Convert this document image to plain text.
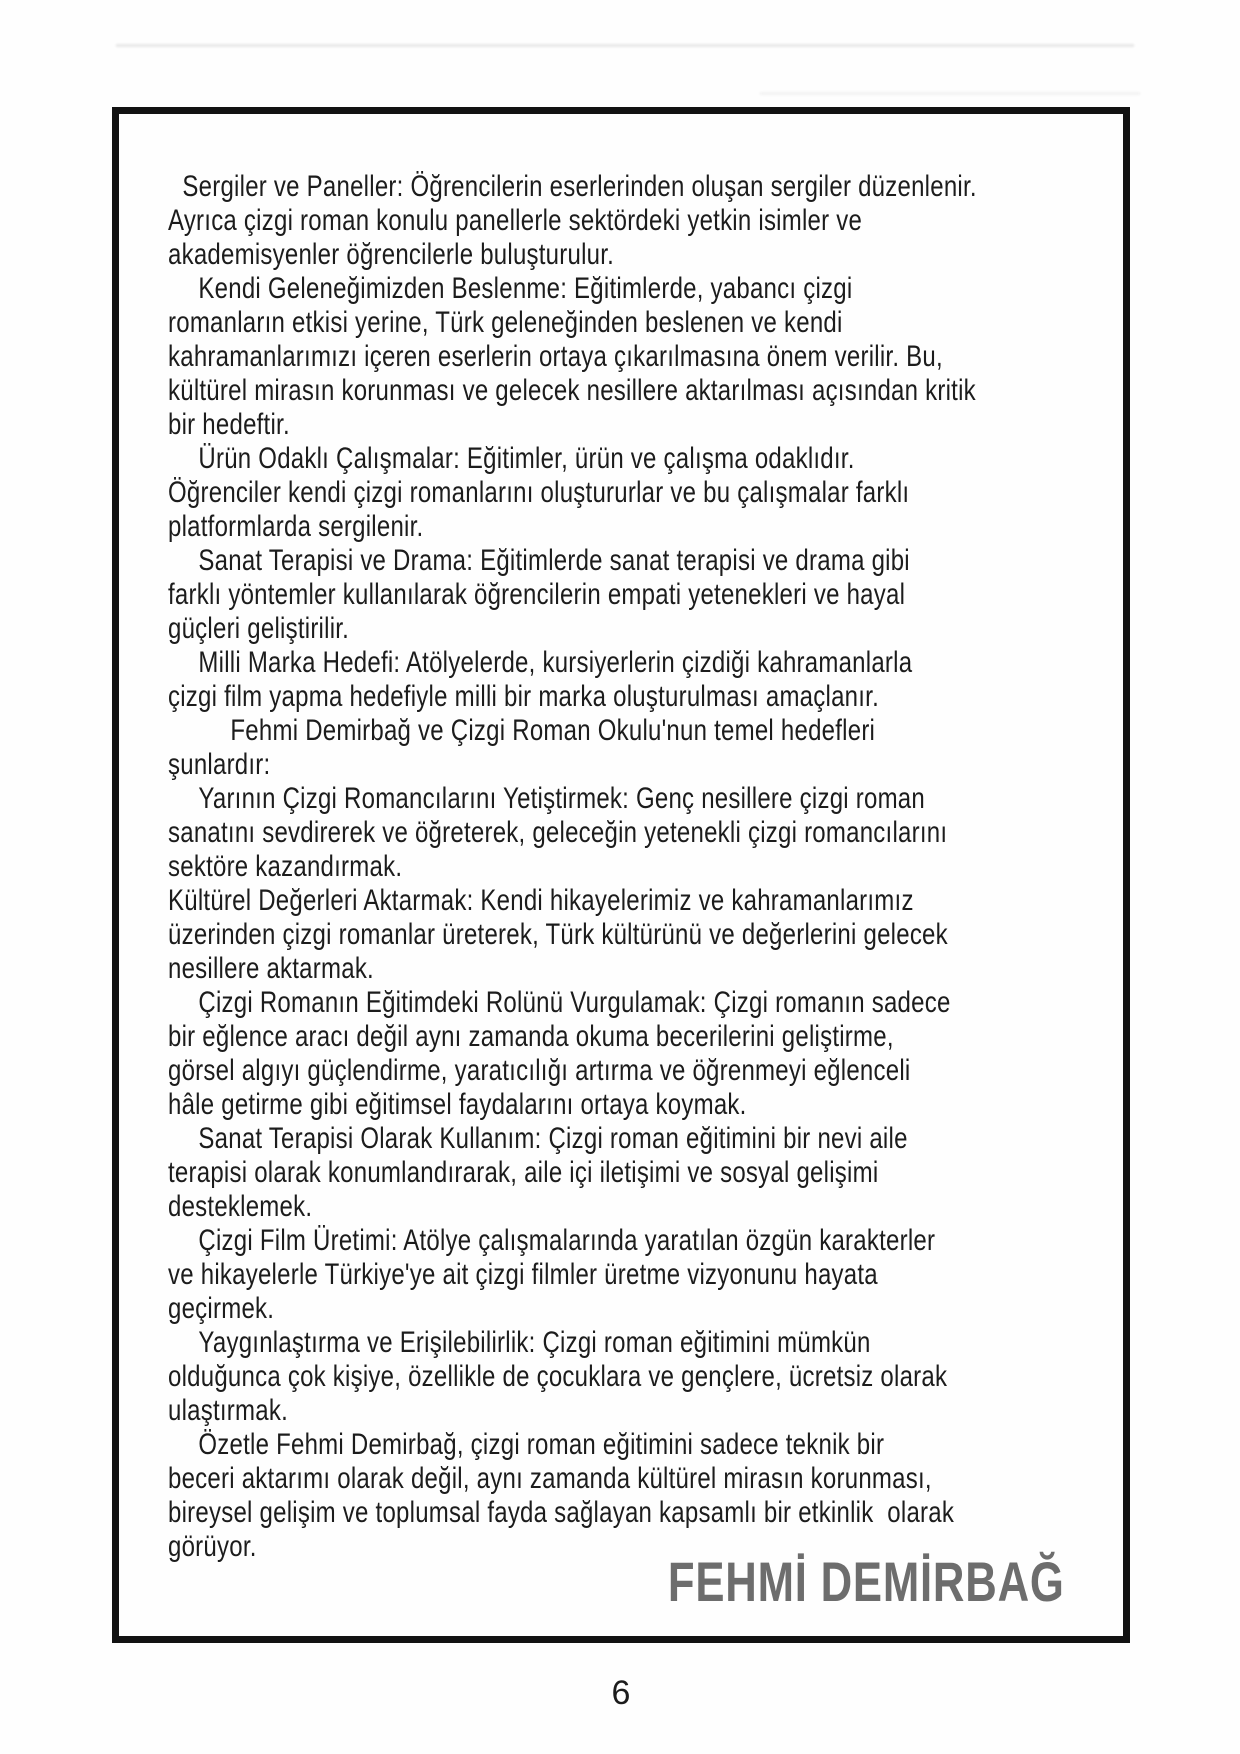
Sergiler ve Paneller: Öğrencilerin eserlerinden oluşan sergiler düzenlenir.
Ayrıca çizgi roman konulu panellerle sektördeki yetkin isimler ve
akademisyenler öğrencilerle buluşturulur.
Kendi Geleneğimizden Beslenme: Eğitimlerde, yabancı çizgi
romanların etkisi yerine, Türk geleneğinden beslenen ve kendi
kahramanlarımızı içeren eserlerin ortaya çıkarılmasına önem verilir. Bu,
kültürel mirasın korunması ve gelecek nesillere aktarılması açısından kritik
bir hedeftir.
Ürün Odaklı Çalışmalar: Eğitimler, ürün ve çalışma odaklıdır.
Öğrenciler kendi çizgi romanlarını oluştururlar ve bu çalışmalar farklı
platformlarda sergilenir.
Sanat Terapisi ve Drama: Eğitimlerde sanat terapisi ve drama gibi
farklı yöntemler kullanılarak öğrencilerin empati yetenekleri ve hayal
güçleri geliştirilir.
Milli Marka Hedefi: Atölyelerde, kursiyerlerin çizdiği kahramanlarla
çizgi film yapma hedefiyle milli bir marka oluşturulması amaçlanır.
Fehmi Demirbağ ve Çizgi Roman Okulu'nun temel hedefleri
şunlardır:
Yarının Çizgi Romancılarını Yetiştirmek: Genç nesillere çizgi roman
sanatını sevdirerek ve öğreterek, geleceğin yetenekli çizgi romancılarını
sektöre kazandırmak.
Kültürel Değerleri Aktarmak: Kendi hikayelerimiz ve kahramanlarımız
üzerinden çizgi romanlar üreterek, Türk kültürünü ve değerlerini gelecek
nesillere aktarmak.
Çizgi Romanın Eğitimdeki Rolünü Vurgulamak: Çizgi romanın sadece
bir eğlence aracı değil aynı zamanda okuma becerilerini geliştirme,
görsel algıyı güçlendirme, yaratıcılığı artırma ve öğrenmeyi eğlenceli
hâle getirme gibi eğitimsel faydalarını ortaya koymak.
Sanat Terapisi Olarak Kullanım: Çizgi roman eğitimini bir nevi aile
terapisi olarak konumlandırarak, aile içi iletişimi ve sosyal gelişimi
desteklemek.
Çizgi Film Üretimi: Atölye çalışmalarında yaratılan özgün karakterler
ve hikayelerle Türkiye'ye ait çizgi filmler üretme vizyonunu hayata
geçirmek.
Yaygınlaştırma ve Erişilebilirlik: Çizgi roman eğitimini mümkün
olduğunca çok kişiye, özellikle de çocuklara ve gençlere, ücretsiz olarak
ulaştırmak.
Özetle Fehmi Demirbağ, çizgi roman eğitimini sadece teknik bir
beceri aktarımı olarak değil, aynı zamanda kültürel mirasın korunması,
bireysel gelişim ve toplumsal fayda sağlayan kapsamlı bir etkinlik  olarak
görüyor.
FEHMİ DEMİRBAĞ
6
